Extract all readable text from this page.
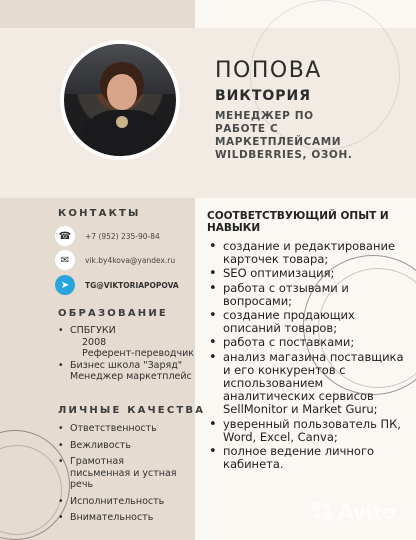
ПОПОВА
ВИКТОРИЯ
МЕНЕДЖЕР ПО
РАБОТЕ С
МАРКЕТПЛЕЙСАМИ
WILDBERRIES, ОЗОН.
КОНТАКТЫ
☎	+7 (952) 235-90-84
✉	vik.by4kova@yandex.ru
➤	TG@VIKTORIAPOPOVA
ОБРАЗОВАНИЕ
• СПБГУКИ
2008
Референт-переводчик
• Бизнес школа "Заряд"
Менеджер маркетплейс
ЛИЧНЫЕ КАЧЕСТВА
• Ответственность
• Вежливость
• Грамотная письменная и устная речь
• Исполнительность
• Внимательность
СООТВЕТСТВУЮЩИЙ ОПЫТ И НАВЫКИ
• создание и редактирование карточек товара;
• SEO оптимизация;
• работа с отзывами и вопросами;
• создание продающих описаний товаров;
• работа с поставками;
• анализ магазина поставщика и его конкурентов с использованием аналитических сервисов SellMonitor и Market Guru;
• уверенный пользователь ПК, Word, Excel, Canva;
• полное ведение личного кабинета.
Avito
